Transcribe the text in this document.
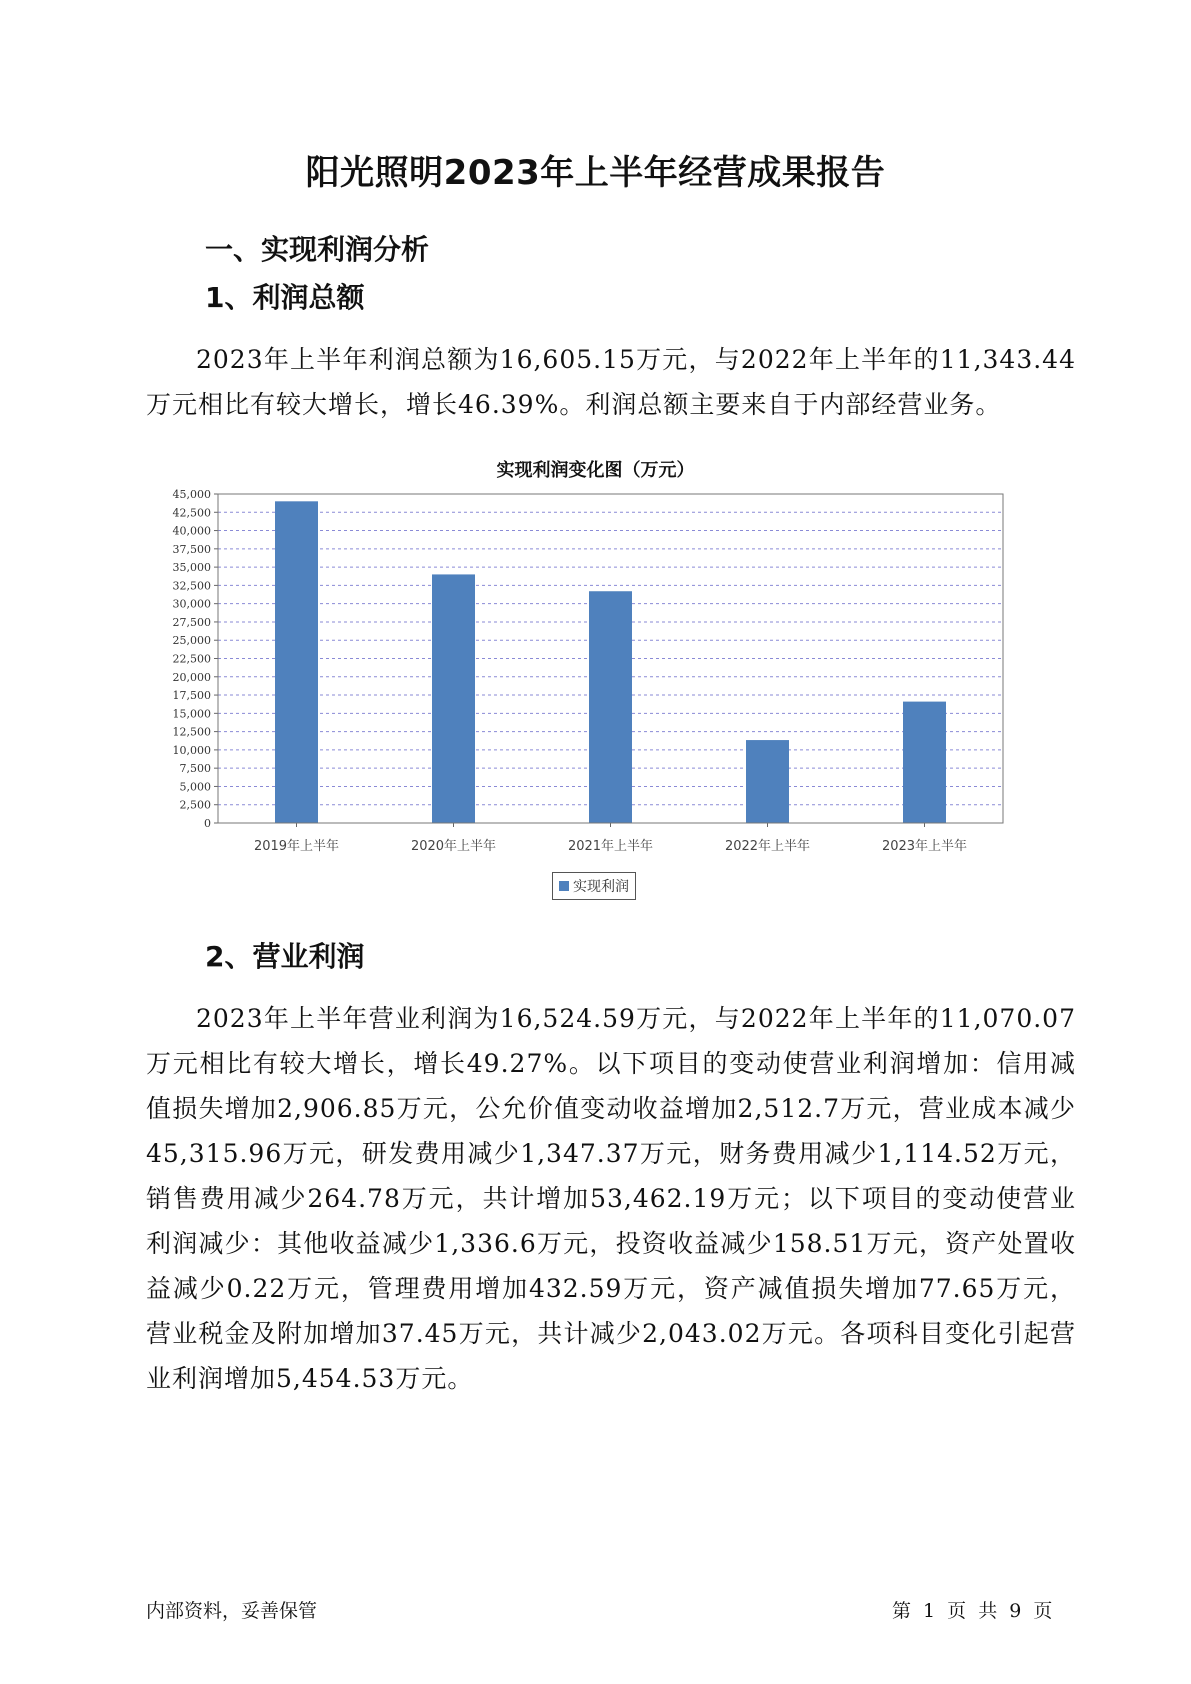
阳光照明2023年上半年经营成果报告
一、实现利润分析
1、利润总额
2023年上半年利润总额为16,605.15万元，与2022年上半年的11,343.44万元相比有较大增长，增长46.39%。利润总额主要来自于内部经营业务。
实现利润变化图（万元）
0
2,500
5,000
7,500
10,000
12,500
15,000
17,500
20,000
22,500
25,000
27,500
30,000
32,500
35,000
37,500
40,000
42,500
45,000
2019年上半年	2020年上半年	2021年上半年	2022年上半年	2023年上半年
实现利润
2、营业利润
2023年上半年营业利润为16,524.59万元，与2022年上半年的11,070.07万元相比有较大增长，增长49.27%。以下项目的变动使营业利润增加：信用减值损失增加2,906.85万元，公允价值变动收益增加2,512.7万元，营业成本减少45,315.96万元，研发费用减少1,347.37万元，财务费用减少1,114.52万元，销售费用减少264.78万元，共计增加53,462.19万元；以下项目的变动使营业利润减少：其他收益减少1,336.6万元，投资收益减少158.51万元，资产处置收益减少0.22万元，管理费用增加432.59万元，资产减值损失增加77.65万元，营业税金及附加增加37.45万元，共计减少2,043.02万元。各项科目变化引起营业利润增加5,454.53万元。
内部资料，妥善保管	第 1 页 共 9 页
